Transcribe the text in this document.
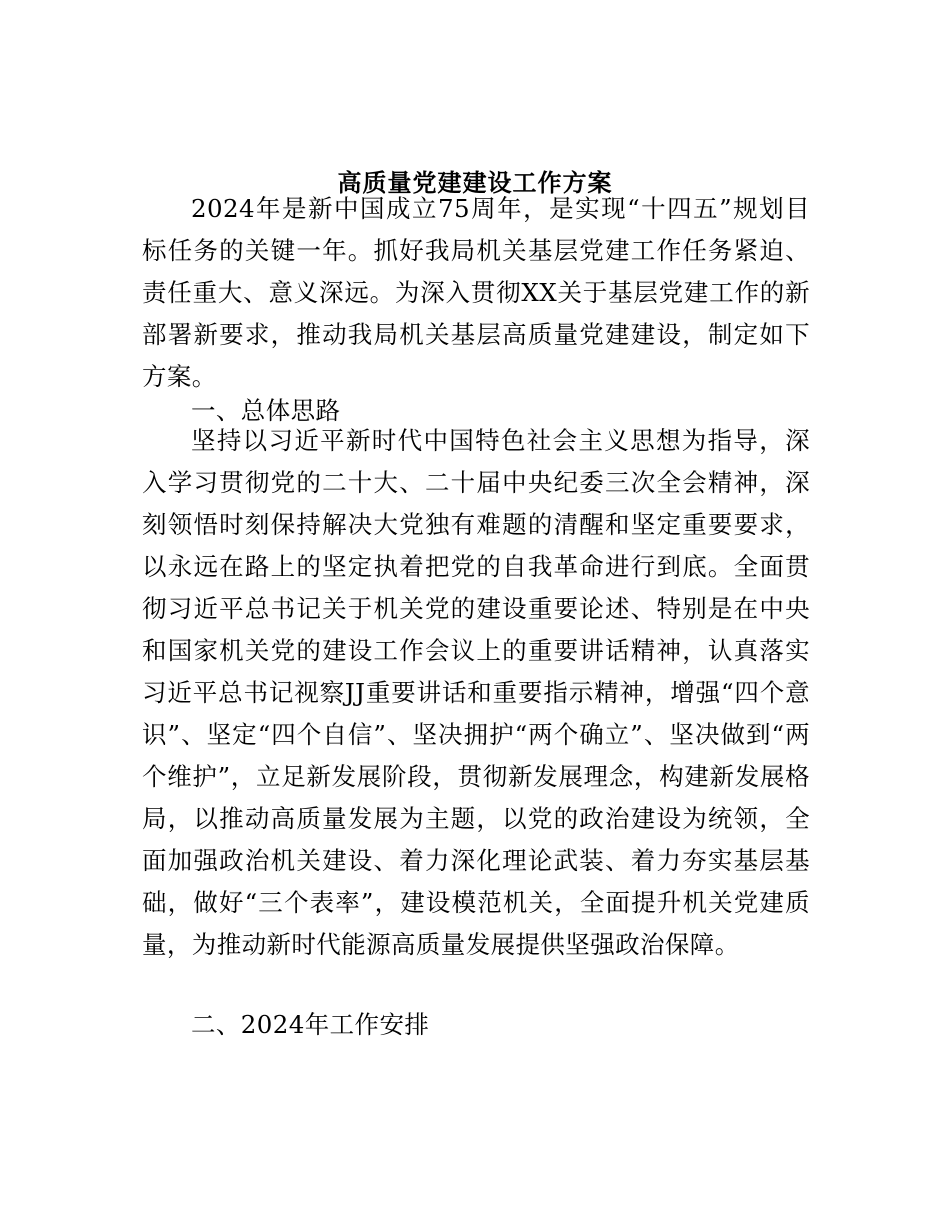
高质量党建建设工作方案

2024年是新中国成立75周年，是实现“十四五”规划目标任务的关键一年。抓好我局机关基层党建工作任务紧迫、责任重大、意义深远。为深入贯彻XX关于基层党建工作的新部署新要求，推动我局机关基层高质量党建建设，制定如下方案。

一、总体思路

坚持以习近平新时代中国特色社会主义思想为指导，深入学习贯彻党的二十大、二十届中央纪委三次全会精神，深刻领悟时刻保持解决大党独有难题的清醒和坚定重要要求，以永远在路上的坚定执着把党的自我革命进行到底。全面贯彻习近平总书记关于机关党的建设重要论述、特别是在中央和国家机关党的建设工作会议上的重要讲话精神，认真落实习近平总书记视察JJ重要讲话和重要指示精神，增强“四个意识”、坚定“四个自信”、坚决拥护“两个确立”、坚决做到“两个维护”，立足新发展阶段，贯彻新发展理念，构建新发展格局，以推动高质量发展为主题，以党的政治建设为统领，全面加强政治机关建设、着力深化理论武装、着力夯实基层基础，做好“三个表率”，建设模范机关，全面提升机关党建质量，为推动新时代能源高质量发展提供坚强政治保障。

二、2024年工作安排
